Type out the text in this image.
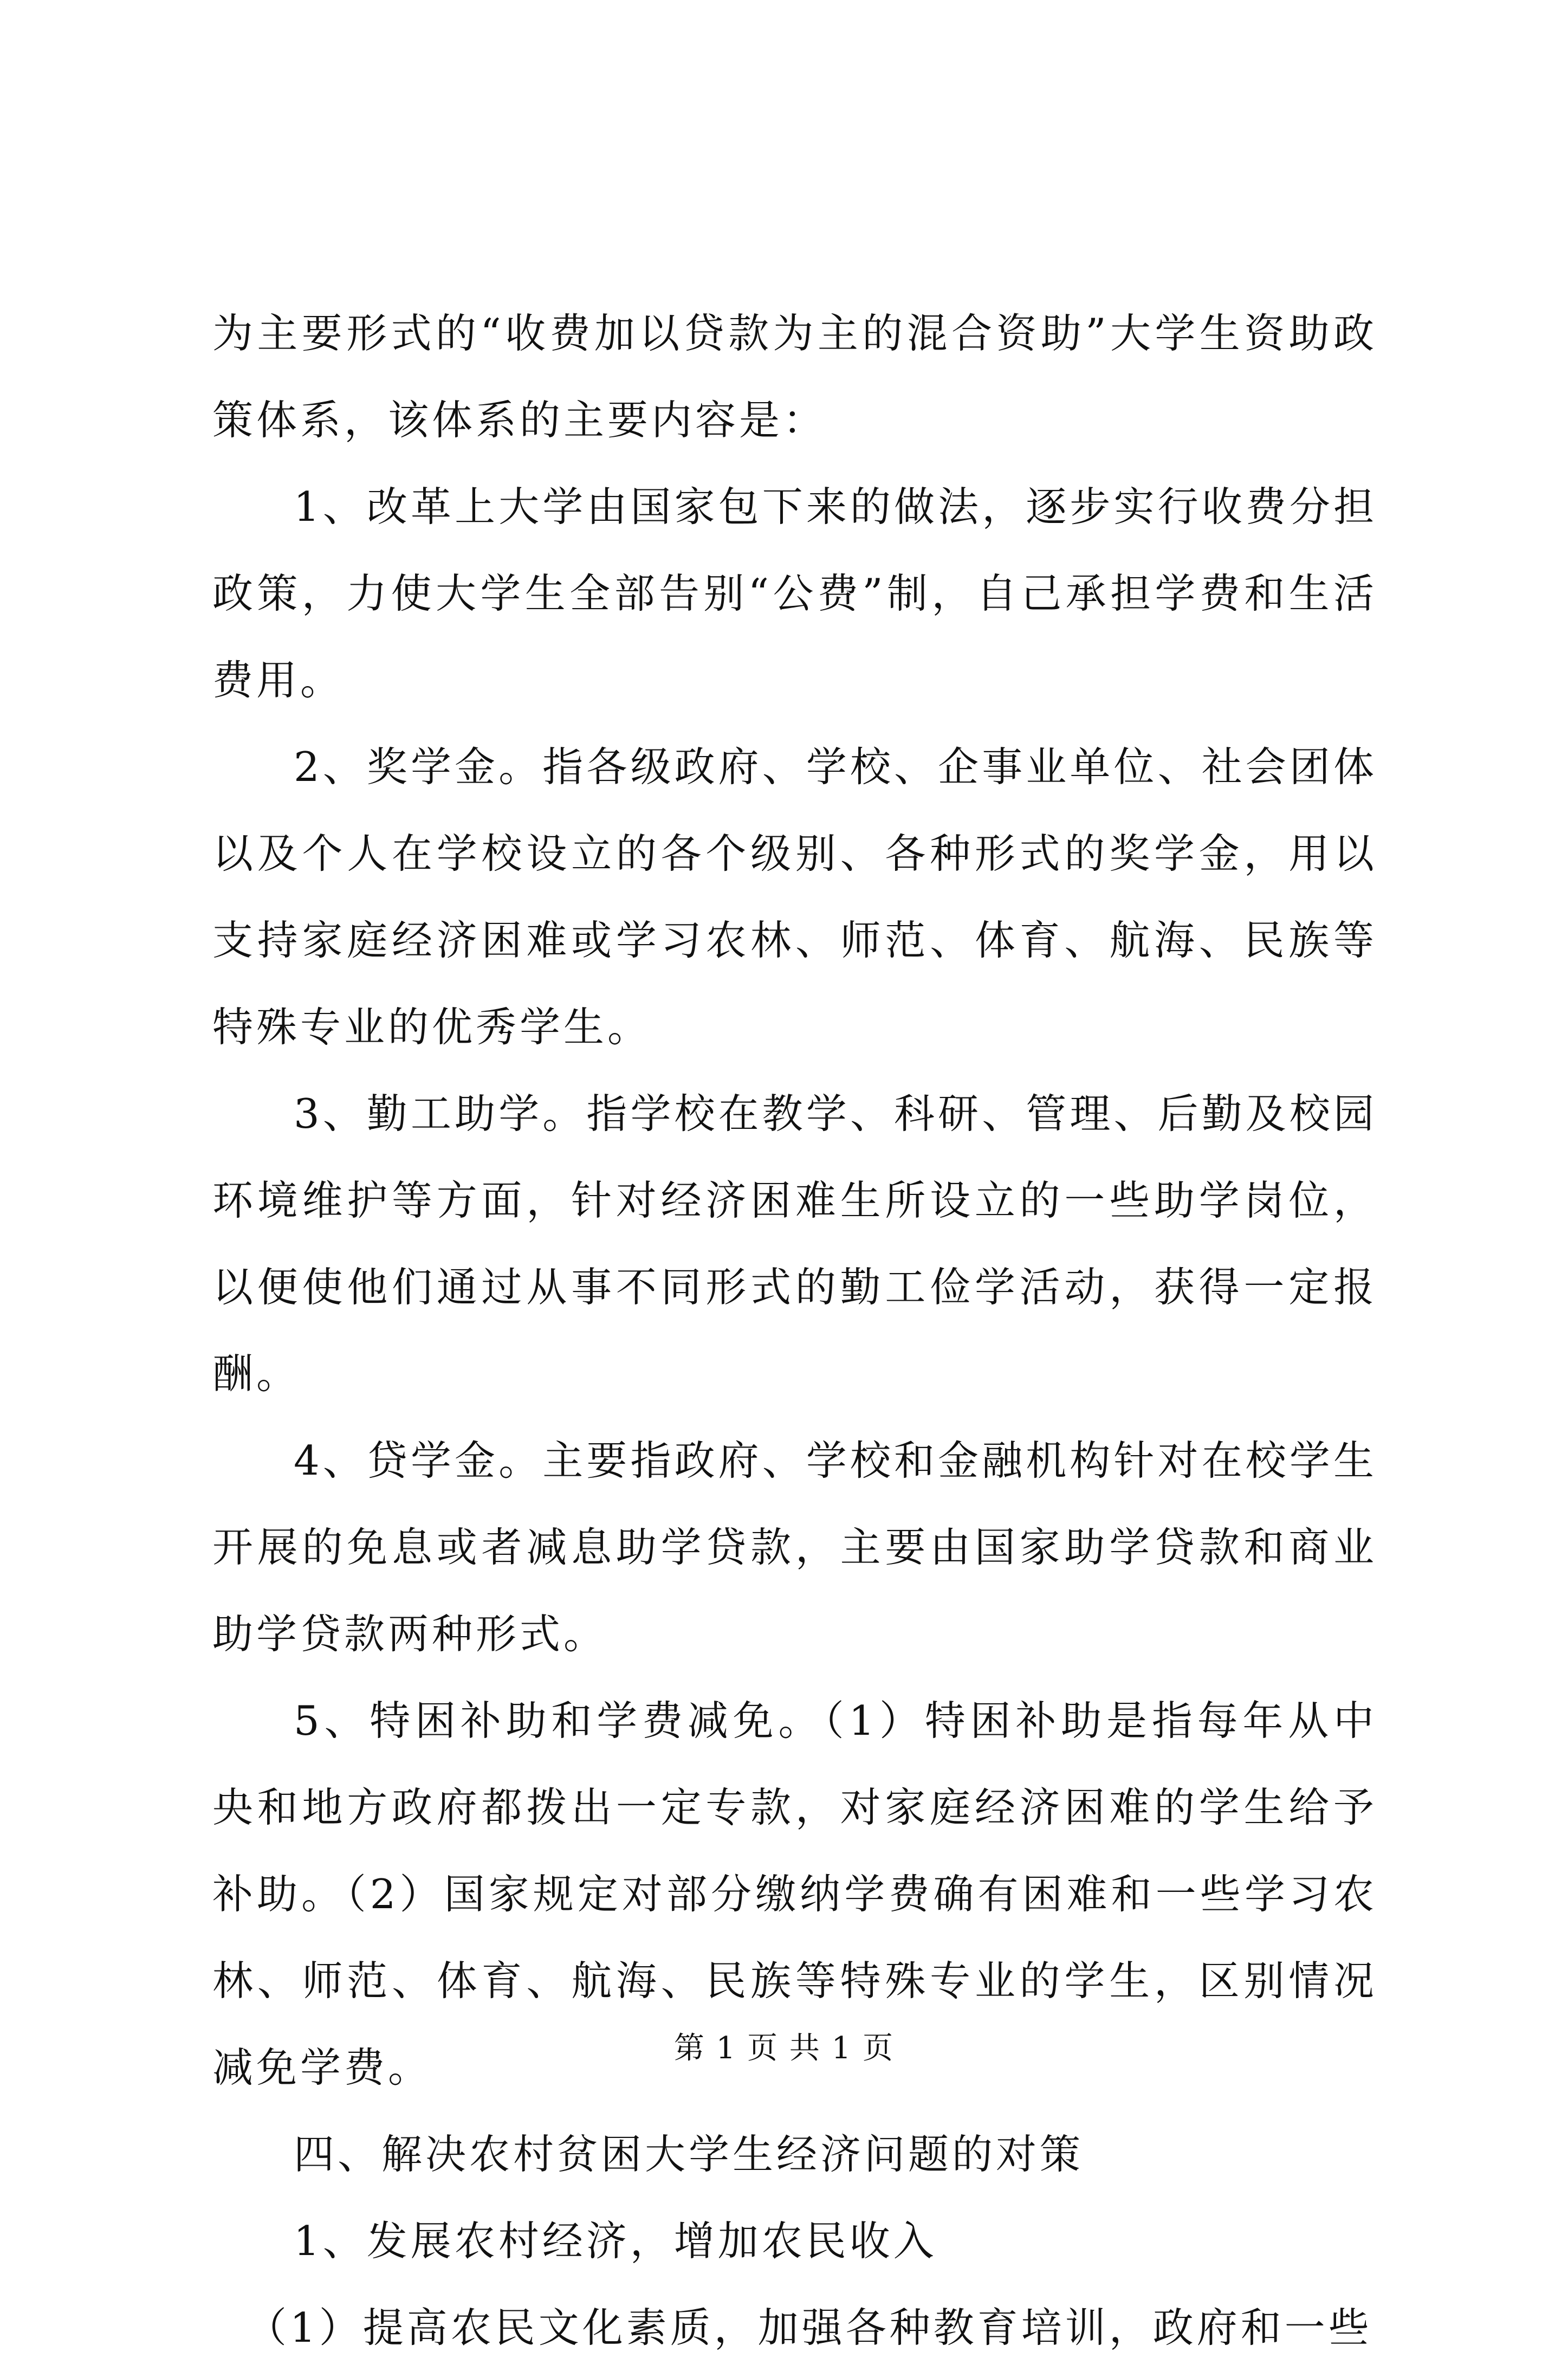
为主要形式的“收费加以贷款为主的混合资助”大学生资助政策体系，该体系的主要内容是：

1、改革上大学由国家包下来的做法，逐步实行收费分担政策，力使大学生全部告别“公费”制，自己承担学费和生活费用。

2、奖学金。指各级政府、学校、企事业单位、社会团体以及个人在学校设立的各个级别、各种形式的奖学金，用以支持家庭经济困难或学习农林、师范、体育、航海、民族等特殊专业的优秀学生。

3、勤工助学。指学校在教学、科研、管理、后勤及校园环境维护等方面，针对经济困难生所设立的一些助学岗位，以便使他们通过从事不同形式的勤工俭学活动，获得一定报酬。

4、贷学金。主要指政府、学校和金融机构针对在校学生开展的免息或者减息助学贷款，主要由国家助学贷款和商业助学贷款两种形式。

5、特困补助和学费减免。（1）特困补助是指每年从中央和地方政府都拨出一定专款，对家庭经济困难的学生给予补助。（2）国家规定对部分缴纳学费确有困难和一些学习农林、师范、体育、航海、民族等特殊专业的学生，区别情况减免学费。

四、解决农村贫困大学生经济问题的对策

1、发展农村经济，增加农民收入

（1）提高农民文化素质，加强各种教育培训，政府和一些

第 1 页 共 1 页
